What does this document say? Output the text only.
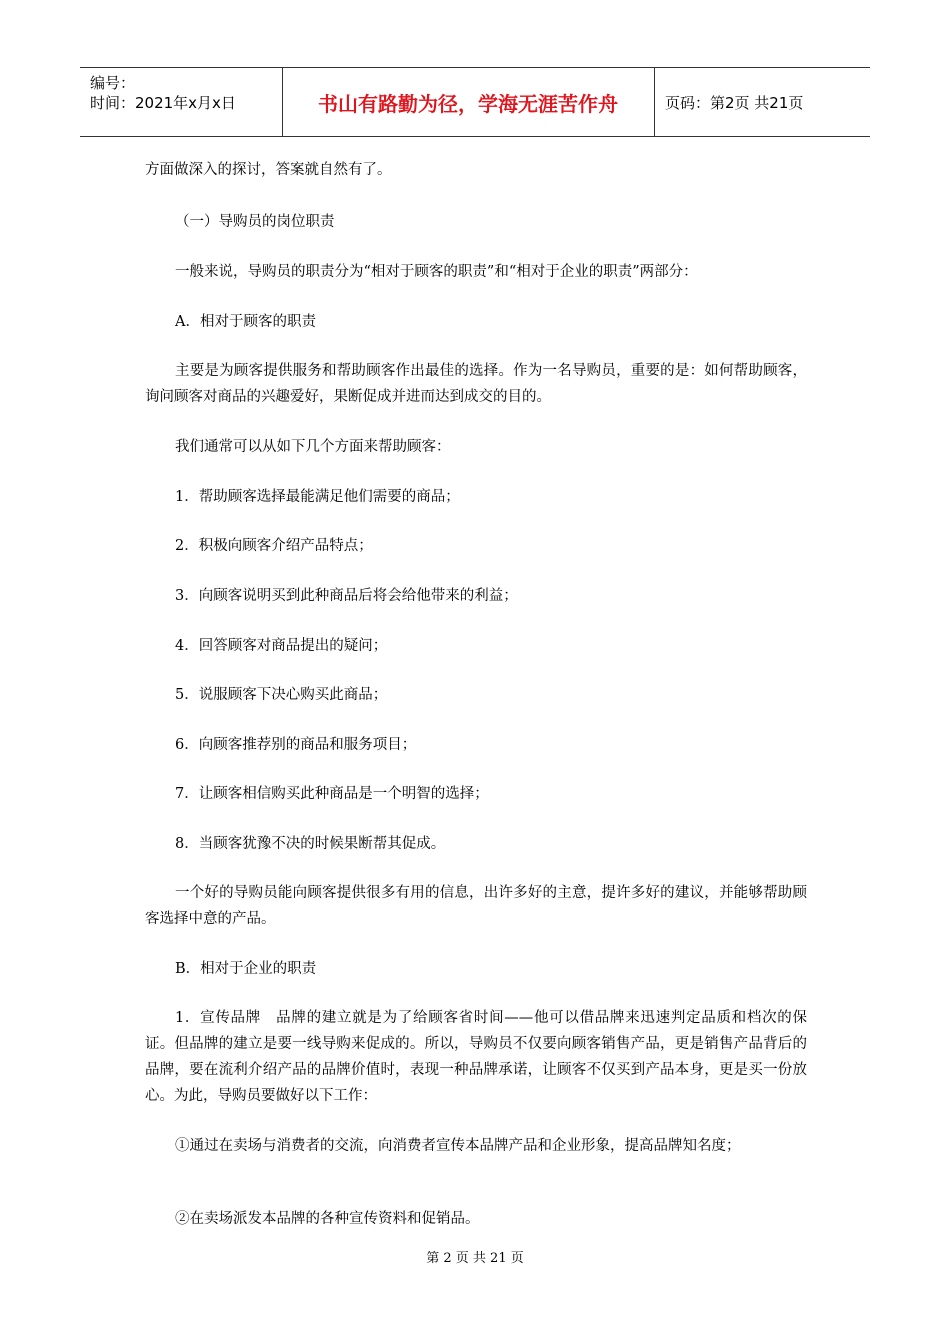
编号：
时间：2021年x月x日	书山有路勤为径，学海无涯苦作舟	页码：第2页 共21页
方面做深入的探讨，答案就自然有了。
（一）导购员的岗位职责
一般来说，导购员的职责分为“相对于顾客的职责”和“相对于企业的职责”两部分：
A．相对于顾客的职责
主要是为顾客提供服务和帮助顾客作出最佳的选择。作为一名导购员，重要的是：如何帮助顾客，询问顾客对商品的兴趣爱好，果断促成并进而达到成交的目的。
我们通常可以从如下几个方面来帮助顾客：
1．帮助顾客选择最能满足他们需要的商品；
2．积极向顾客介绍产品特点；
3．向顾客说明买到此种商品后将会给他带来的利益；
4．回答顾客对商品提出的疑问；
5．说服顾客下决心购买此商品；
6．向顾客推荐别的商品和服务项目；
7．让顾客相信购买此种商品是一个明智的选择；
8．当顾客犹豫不决的时候果断帮其促成。
一个好的导购员能向顾客提供很多有用的信息，出许多好的主意，提许多好的建议，并能够帮助顾客选择中意的产品。
B．相对于企业的职责
1．宣传品牌　品牌的建立就是为了给顾客省时间——他可以借品牌来迅速判定品质和档次的保证。但品牌的建立是要一线导购来促成的。所以，导购员不仅要向顾客销售产品，更是销售产品背后的品牌，要在流利介绍产品的品牌价值时，表现一种品牌承诺，让顾客不仅买到产品本身，更是买一份放心。为此，导购员要做好以下工作：
①通过在卖场与消费者的交流，向消费者宣传本品牌产品和企业形象，提高品牌知名度；
②在卖场派发本品牌的各种宣传资料和促销品。
第 2 页 共 21 页
